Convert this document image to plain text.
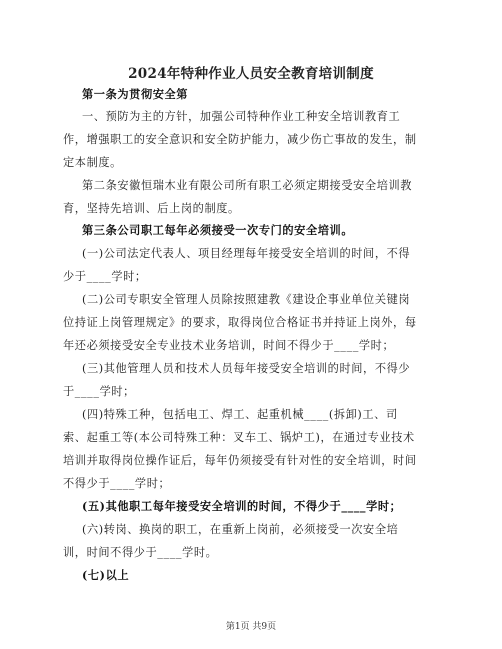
2024年特种作业人员安全教育培训制度
第一条为贯彻安全第
一、预防为主的方针，加强公司特种作业工种安全培训教育工
作，增强职工的安全意识和安全防护能力，减少伤亡事故的发生，制
定本制度。
第二条安徽恒瑞木业有限公司所有职工必须定期接受安全培训教
育，坚持先培训、后上岗的制度。
第三条公司职工每年必须接受一次专门的安全培训。
(一)公司法定代表人、项目经理每年接受安全培训的时间，不得
少于____学时；
(二)公司专职安全管理人员除按照建教《建设企事业单位关键岗
位持证上岗管理规定》的要求，取得岗位合格证书并持证上岗外，每
年还必须接受安全专业技术业务培训，时间不得少于____学时；
(三)其他管理人员和技术人员每年接受安全培训的时间，不得少
于____学时；
(四)特殊工种，包括电工、焊工、起重机械____(拆卸)工、司
索、起重工等(本公司特殊工种：叉车工、锅炉工)，在通过专业技术
培训并取得岗位操作证后，每年仍须接受有针对性的安全培训，时间
不得少于____学时；
(五)其他职工每年接受安全培训的时间，不得少于____学时；
(六)转岗、换岗的职工，在重新上岗前，必须接受一次安全培
训，时间不得少于____学时。
(七)以上
第1页 共9页
